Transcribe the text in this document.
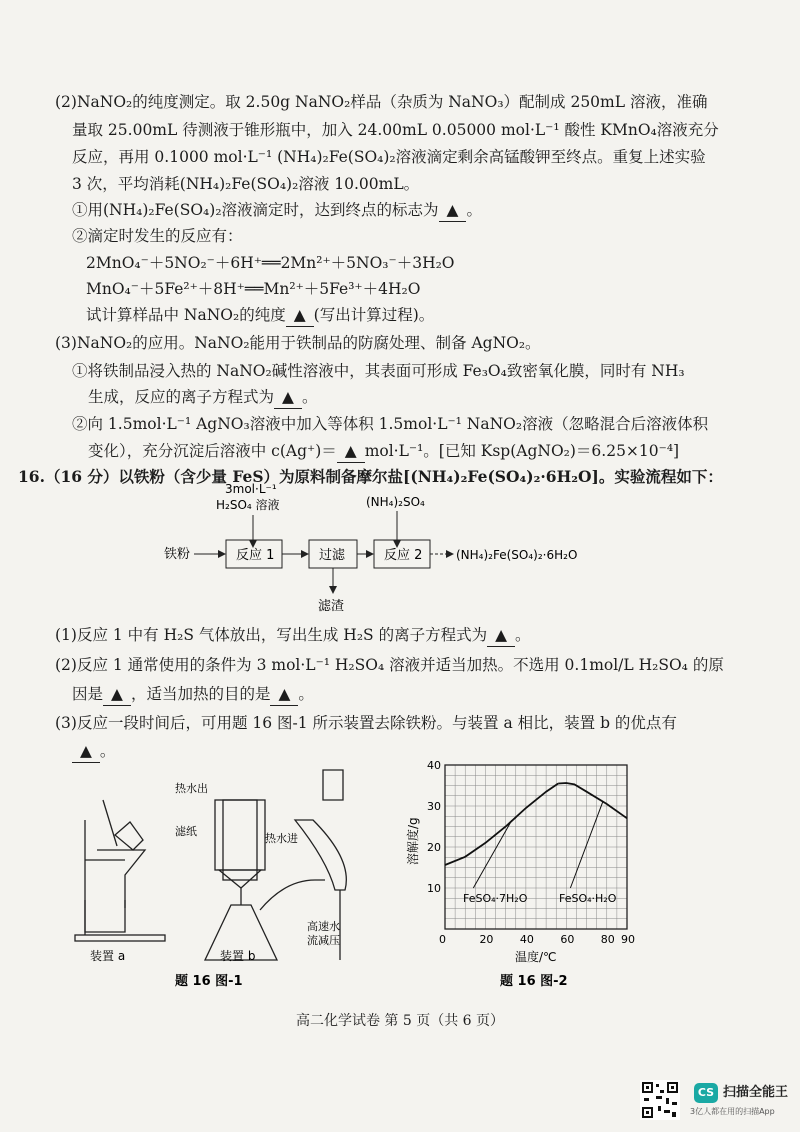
(2)NaNO₂的纯度测定。取 2.50g NaNO₂样品（杂质为 NaNO₃）配制成 250mL 溶液，准确
量取 25.00mL 待测液于锥形瓶中，加入 24.00mL 0.05000 mol·L⁻¹ 酸性 KMnO₄溶液充分
反应，再用 0.1000 mol·L⁻¹ (NH₄)₂Fe(SO₄)₂溶液滴定剩余高锰酸钾至终点。重复上述实验
3 次，平均消耗(NH₄)₂Fe(SO₄)₂溶液 10.00mL。
①用(NH₄)₂Fe(SO₄)₂溶液滴定时，达到终点的标志为 ▲ 。
②滴定时发生的反应有：
2MnO₄⁻＋5NO₂⁻＋6H⁺══2Mn²⁺＋5NO₃⁻＋3H₂O
MnO₄⁻＋5Fe²⁺＋8H⁺══Mn²⁺＋5Fe³⁺＋4H₂O
试计算样品中 NaNO₂的纯度 ▲ (写出计算过程)。
(3)NaNO₂的应用。NaNO₂能用于铁制品的防腐处理、制备 AgNO₂。
①将铁制品浸入热的 NaNO₂碱性溶液中，其表面可形成 Fe₃O₄致密氧化膜，同时有 NH₃
生成，反应的离子方程式为 ▲ 。
②向 1.5mol·L⁻¹ AgNO₃溶液中加入等体积 1.5mol·L⁻¹ NaNO₂溶液（忽略混合后溶液体积
变化），充分沉淀后溶液中 c(Ag⁺)＝ ▲ mol·L⁻¹。[已知 Ksp(AgNO₂)＝6.25×10⁻⁴]
16.（16 分）以铁粉（含少量 FeS）为原料制备摩尔盐[(NH₄)₂Fe(SO₄)₂·6H₂O]。实验流程如下：
3mol·L⁻¹
H₂SO₄ 溶液	(NH₄)₂SO₄
铁粉	反应 1	过滤	反应 2	(NH₄)₂Fe(SO₄)₂·6H₂O
滤渣
(1)反应 1 中有 H₂S 气体放出，写出生成 H₂S 的离子方程式为 ▲ 。
(2)反应 1 通常使用的条件为 3 mol·L⁻¹ H₂SO₄ 溶液并适当加热。不选用 0.1mol/L H₂SO₄ 的原
因是 ▲ ，适当加热的目的是 ▲ 。
(3)反应一段时间后，可用题 16 图-1 所示装置去除铁粉。与装置 a 相比，装置 b 的优点有
▲ 。
热水出
滤纸
热水进
高速水
流减压
装置 a	装置 b
题 16 图-1
0	20 40 60 80 90
10
20
30
40
溶解度/g
温度/℃
题 16 图-2
FeSO₄·7H₂O	FeSO₄·H₂O
高二化学试卷 第 5 页（共 6 页）
CS 扫描全能王
3亿人都在用的扫描App
